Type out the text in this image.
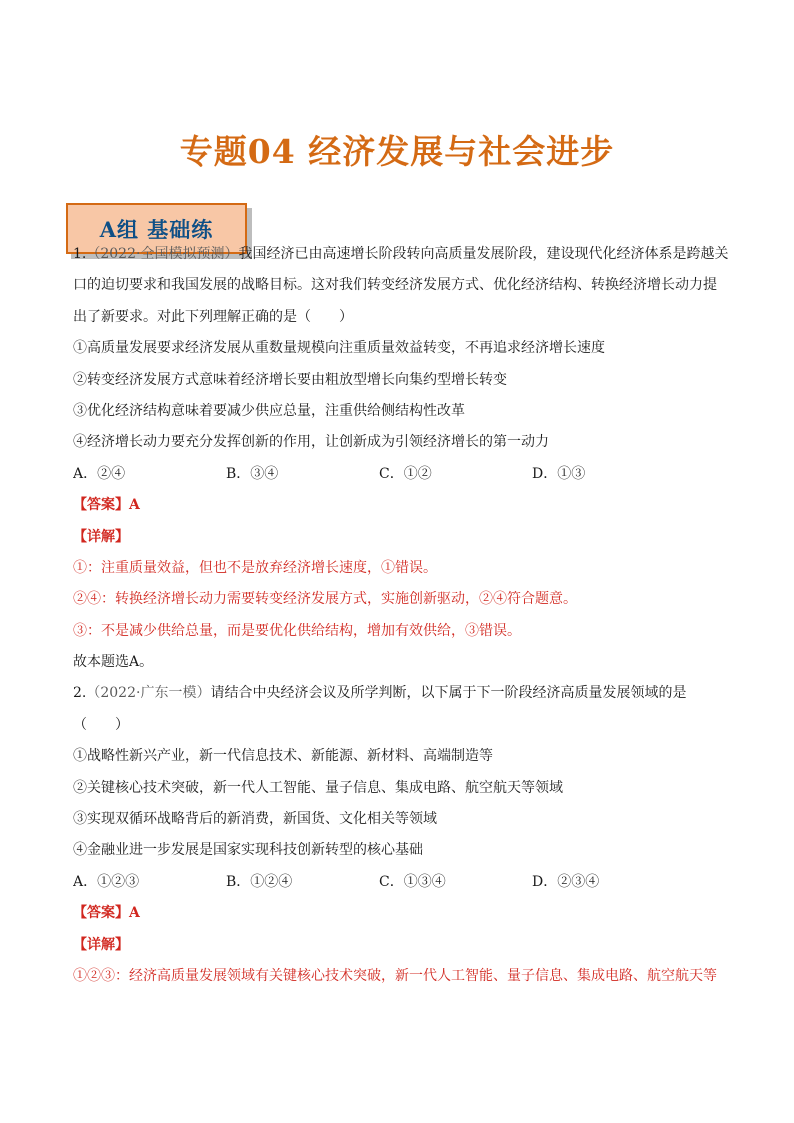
专题04 经济发展与社会进步
A组 基础练
1.（2022·全国模拟预测）我国经济已由高速增长阶段转向高质量发展阶段，建设现代化经济体系是跨越关
口的迫切要求和我国发展的战略目标。这对我们转变经济发展方式、优化经济结构、转换经济增长动力提
出了新要求。对此下列理解正确的是（　　）
①高质量发展要求经济发展从重数量规模向注重质量效益转变，不再追求经济增长速度
②转变经济发展方式意味着经济增长要由粗放型增长向集约型增长转变
③优化经济结构意味着要减少供应总量，注重供给侧结构性改革
④经济增长动力要充分发挥创新的作用，让创新成为引领经济增长的第一动力
A．②④	B．③④	C．①②	D．①③
【答案】A
【详解】
①：注重质量效益，但也不是放弃经济增长速度，①错误。
②④：转换经济增长动力需要转变经济发展方式，实施创新驱动，②④符合题意。
③：不是减少供给总量，而是要优化供给结构，增加有效供给，③错误。
故本题选A。
2.（2022·广东一模）请结合中央经济会议及所学判断，以下属于下一阶段经济高质量发展领域的是
（　　）
①战略性新兴产业，新一代信息技术、新能源、新材料、高端制造等
②关键核心技术突破，新一代人工智能、量子信息、集成电路、航空航天等领域
③实现双循环战略背后的新消费，新国货、文化相关等领域
④金融业进一步发展是国家实现科技创新转型的核心基础
A．①②③	B．①②④	C．①③④	D．②③④
【答案】A
【详解】
①②③：经济高质量发展领域有关键核心技术突破，新一代人工智能、量子信息、集成电路、航空航天等
